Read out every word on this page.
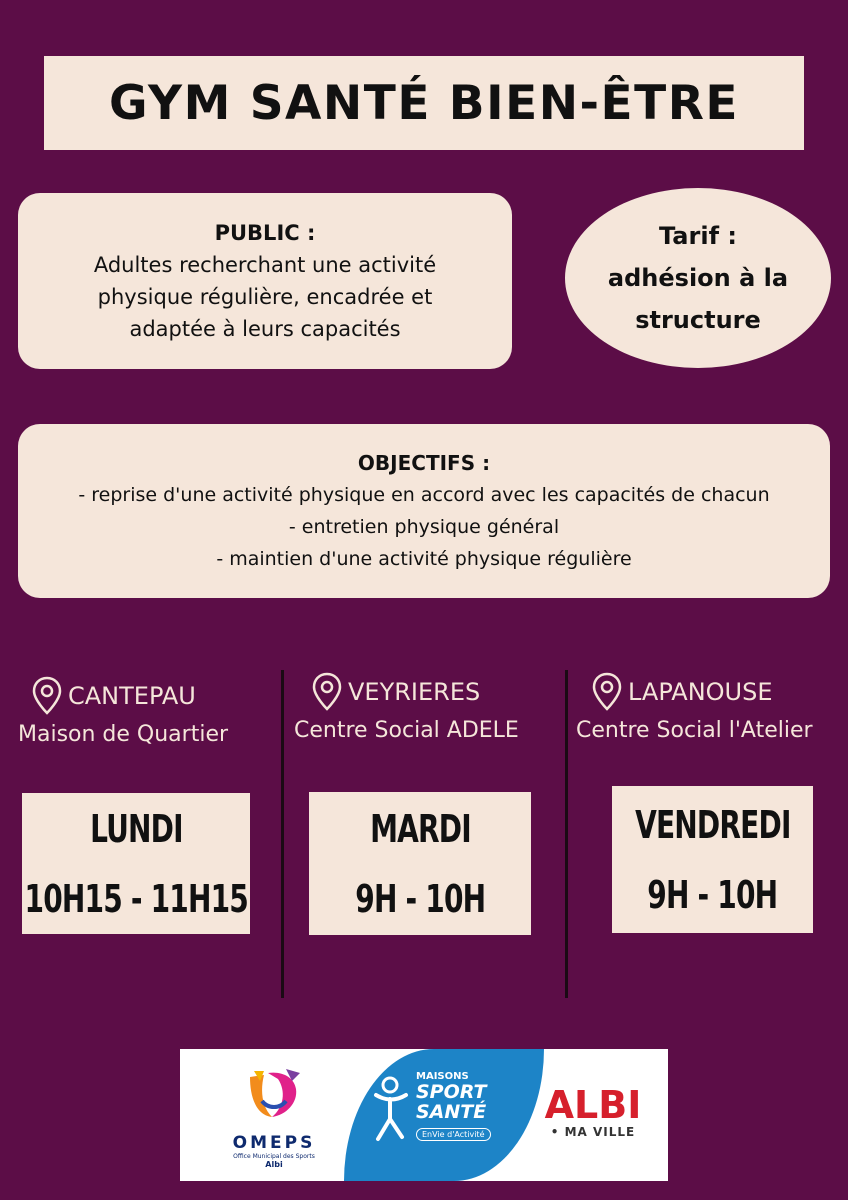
GYM SANTÉ BIEN-ÊTRE
PUBLIC :
Adultes recherchant une activité
physique régulière, encadrée et
adaptée à leurs capacités
Tarif :
adhésion à la
structure
OBJECTIFS :
- reprise d'une activité physique en accord avec les capacités de chacun
- entretien physique général
- maintien d'une activité physique régulière
CANTEPAU
Maison de Quartier
VEYRIERES
Centre Social ADELE
LAPANOUSE
Centre Social l'Atelier
LUNDI
10H15 - 11H15
MARDI
9H - 10H
VENDREDI
9H - 10H
OMEPS
Office Municipal des Sports
Albi
MAISONS
SPORT
SANTÉ
EnVie d'Activité
ALBI
• MA VILLE
